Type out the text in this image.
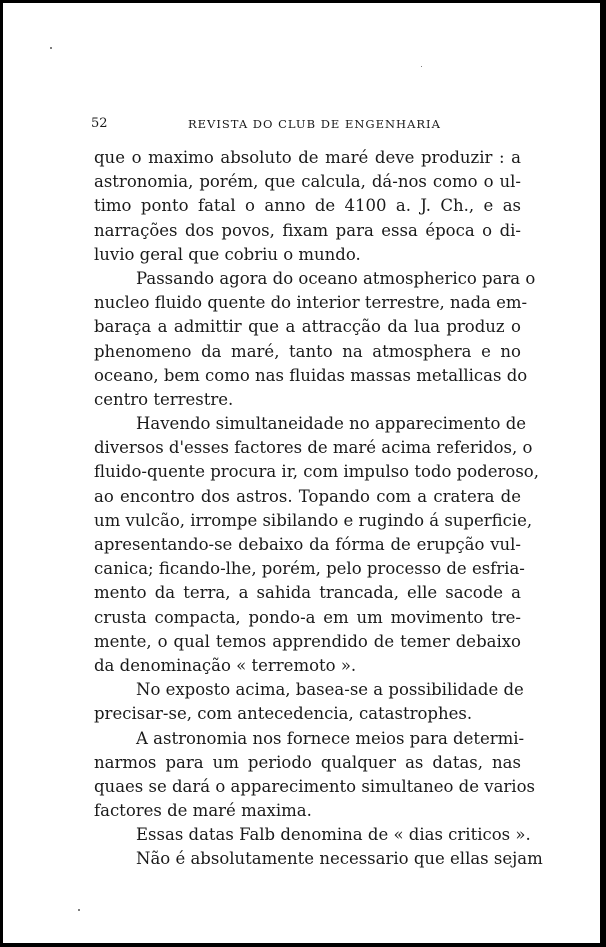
52	REVISTA DO CLUB DE ENGENHARIA
que o maximo absoluto de maré deve produzir : a
astronomia, porém, que calcula, dá-nos como o ul-
timo ponto fatal o anno de 4100 a. J. Ch., e as
narrações dos povos, fixam para essa época o di-
luvio geral que cobriu o mundo.
Passando agora do oceano atmospherico para o
nucleo fluido quente do interior terrestre, nada em-
baraça a admittir que a attracção da lua produz o
phenomeno da maré, tanto na atmosphera e no
oceano, bem como nas fluidas massas metallicas do
centro terrestre.
Havendo simultaneidade no apparecimento de
diversos d'esses factores de maré acima referidos, o
fluido-quente procura ir, com impulso todo poderoso,
ao encontro dos astros. Topando com a cratera de
um vulcão, irrompe sibilando e rugindo á superficie,
apresentando-se debaixo da fórma de erupção vul-
canica; ficando-lhe, porém, pelo processo de esfria-
mento da terra, a sahida trancada, elle sacode a
crusta compacta, pondo-a em um movimento tre-
mente, o qual temos apprendido de temer debaixo
da denominação « terremoto ».
No exposto acima, basea-se a possibilidade de
precisar-se, com antecedencia, catastrophes.
A astronomia nos fornece meios para determi-
narmos para um periodo qualquer as datas, nas
quaes se dará o apparecimento simultaneo de varios
factores de maré maxima.
Essas datas Falb denomina de « dias criticos ».
Não é absolutamente necessario que ellas sejam
